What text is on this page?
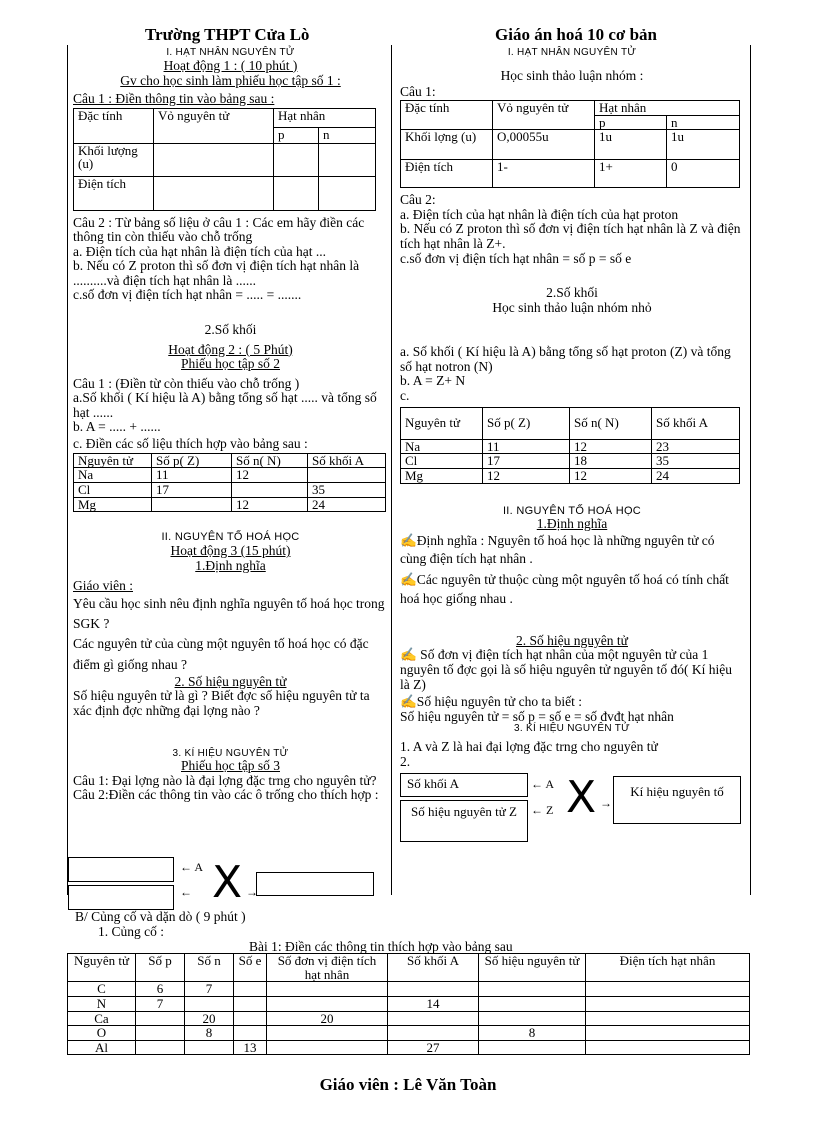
Trường THPT Cửa Lò	Giáo án hoá 10 cơ bản

I. HẠT NHÂN NGUYÊN TỬ

Hoạt động 1 : ( 10 phút )

Gv cho học sinh làm phiếu học tập số 1 :

Câu 1 : Điền thông tin vào bảng sau :

Đặc tính	Vỏ nguyên tử	Hạt nhân	
		p	n
Khối lượng (u)			
Điện tích			

Câu 2 : Từ bảng số liệu ở câu 1 : Các em hãy điền các thông tin còn thiếu vào chỗ trống

a. Điện tích của hạt nhân là điện tích của hạt ...

b. Nếu có Z proton thì số đơn vị điện tích hạt nhân là ..........và điện tích hạt nhân là ......

c.số đơn vị điện tích hạt nhân = ..... = .......

2.Số khối

Hoạt động 2 : ( 5 Phút)

Phiếu học tập số 2

Câu 1 : (Điền từ còn thiếu vào chỗ trống )

a.Số khối ( Kí hiệu là A) bằng tổng số hạt ..... và tổng số hạt ......

b. A = ..... + ......

c. Điền các số liệu thích hợp vào bảng sau :

Nguyên tử	Số p( Z)	Số n( N)	Số khối A
Na	11	12	
Cl	17		35
Mg		12	24

II. NGUYÊN TỐ HOÁ HỌC

Hoạt động 3 (15 phút)

1.Định nghĩa

Giáo viên :

Yêu cầu học sinh nêu định nghĩa nguyên tố hoá học trong SGK ?

Các nguyên tử của cùng một nguyên tố hoá học có đặc điểm gì giống nhau ?

2. Số hiệu nguyên tử

Số hiệu nguyên tử là gì ? Biết đợc số hiệu nguyên tử ta xác định đợc những đại lợng nào ?

3. KÍ HIỆU NGUYÊN TỬ

Phiếu học tập số 3

Câu 1: Đại lợng nào là đại lợng đặc trng cho nguyên tử?

Câu 2:Điền các thông tin vào các ô trống cho thích hợp :

← A
← X →

I. HẠT NHÂN NGUYÊN TỬ

Học sinh thảo luận nhóm :

Câu 1:

Đặc tính	Vỏ nguyên tử	Hạt nhân	
		p	n
Khối lợng (u)	O,00055u	1u	1u
Điện tích	1-	1+	0

Câu 2:

a. Điện tích của hạt nhân là điện tích của hạt proton

b. Nếu có Z proton thì số đơn vị điện tích hạt nhân là Z và điện tích hạt nhân là Z+.

c.số đơn vị điện tích hạt nhân = số p = số e

2.Số khối

Học sinh thảo luận nhóm nhỏ

a. Số khối ( Kí hiệu là A) bằng tổng số hạt proton (Z) và tổng số hạt notron (N)

b. A = Z+ N

c.

Nguyên tử	Số p( Z)	Số n( N)	Số khối A
Na	11	12	23
Cl	17	18	35
Mg	12	12	24

II. NGUYÊN TỐ HOÁ HỌC

1.Định nghĩa

✍Định nghĩa : Nguyên tố hoá học là những nguyên tử có cùng điện tích hạt nhân .

✍Các nguyên tử thuộc cùng một nguyên tố hoá có tính chất hoá học giống nhau .

2. Số hiệu nguyên tử

✍ Số đơn vị điện tích hạt nhân của một nguyên tử của 1 nguyên tố đợc gọi là số hiệu nguyên tử nguyên tố đó( Kí hiệu là Z)

✍Số hiệu nguyên tử cho ta biết :

Số hiệu nguyên tử = số p = số e = số đvđt hạt nhân

3. KÍ HIỆU NGUYÊN TỬ

1. A và Z là hai đại lợng đặc trng cho nguyên tử

2.

Số khối A
Số hiệu nguyên tử Z
Kí hiệu nguyên tố
← A
← Z X →
B/ Củng cố và dặn dò ( 9 phút )
1. Củng cố :
Bài 1: Điền các thông tin thích hợp vào bảng sau
Nguyên tử	Số p	Số n	Số e	Số đơn vị điện tích hạt nhân	Số khối A	Số hiệu nguyên tử	Điện tích hạt nhân
C	6	7					
N	7				14		
Ca		20		20			
O		8				8	
Al			13		27		
Giáo viên : Lê Văn Toàn
